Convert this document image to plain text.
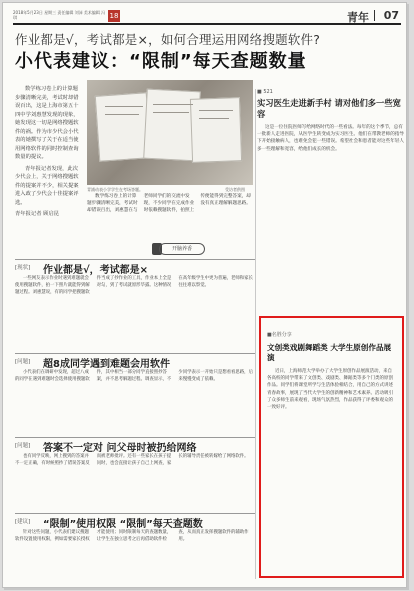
2018年5月23日 星期三 责任编辑 刘沛 美术编辑 冯琪	18	青年 07
作业都是√，考试都是×，如何合理运用网络搜题软件?
小代表建议：“限制”每天查题数量

数学练习卷上的计算题步骤清晰完美，考试时却错误百出，这是上海市第五十四中学刘惠慧发现的现象，她发现这一切是网络搜题软件的祸。作为市少代会小代表的她撰写了关于在适当使用网络软件的同时控制查询数量的提议。

青年报记者发现，此次少代会上，关于网络搜题软件的提案并不少，相关提案进入政了少代会十佳提案评选。

青年报记者 顾启昆

青浦动表小学学生在考场答题。	受访者供图
数学练习卷上的计算题步骤清晰完美，考试时却错误百出，刘惠慧在与老师同学们的交流中发现，不少同学在完成作业时依赖搜题软件，拍照上传便能得到完整答案，却没有真正理解解题思路。
开脑养香
■ 521
实习医生走进新手村 请对他们多一些宽容
这是一位住院医师写给网络时代的一些看法。每年的这个季节，总有一批新人走进医院，从医学生转变成为实习医生。他们在带教老师的指导下开始接触病人，也难免会犯一些错误。希望社会和患者能对这些年轻人多一些理解和宽容，给他们成长的机会。
[现状] 作业都是√，考试都是×
一些网友表示作业时遇到难题就会使用搜题软件，拍一下照片就能得到解题过程。刘惠慧说，有的同学把搜题软件当成了抄作业的工具，作业本上全是对勾，到了考试就原形毕露。这种情况在高年级学生中更为普遍，老师和家长往往难以察觉。
[问题] 超8成同学遇到难题会用软件
小代表们在调研中发现，超过八成的同学在遇到难题时会选择使用搜题软件，其中相当一部分同学直接照抄答案，并不思考解题过程。调查显示，不少同学表示一开始只是想看看思路，后来慢慢变成了依赖。
[问题] 答案不一定对 问父母时被扔给网络
也有同学反映，网上搜到的答案并不一定正确，有时候照抄了错误答案反而被老师批评。还有一些家长在孩子提问时，也会直接让孩子自己上网查，家长的辅导责任被转嫁给了网络软件。
[建议] “限制”使用权限 “限制”每天查题数
针对这些问题，小代表们建议搜题软件设置使用权限，例如需要家长授权才能使用；同时限制每天的查题数量，让学生在独立思考之后再借助软件检查，从而真正发挥搜题软件的辅助作用。
■名胜分享
文创类戏剧舞蹈类 大学生原创作品展演
近日，上海师范大学举办了大学生原创作品展演活动，来自各高校的同学带来了文创类、戏剧类、舞蹈类等多个门类的原创作品。同学们将课堂所学与生活体验相结合，用自己的方式讲述青春故事，展现了当代大学生的创新精神和艺术素养。活动吸引了众多师生前来观看，现场气氛热烈，作品获得了评委和观众的一致好评。
